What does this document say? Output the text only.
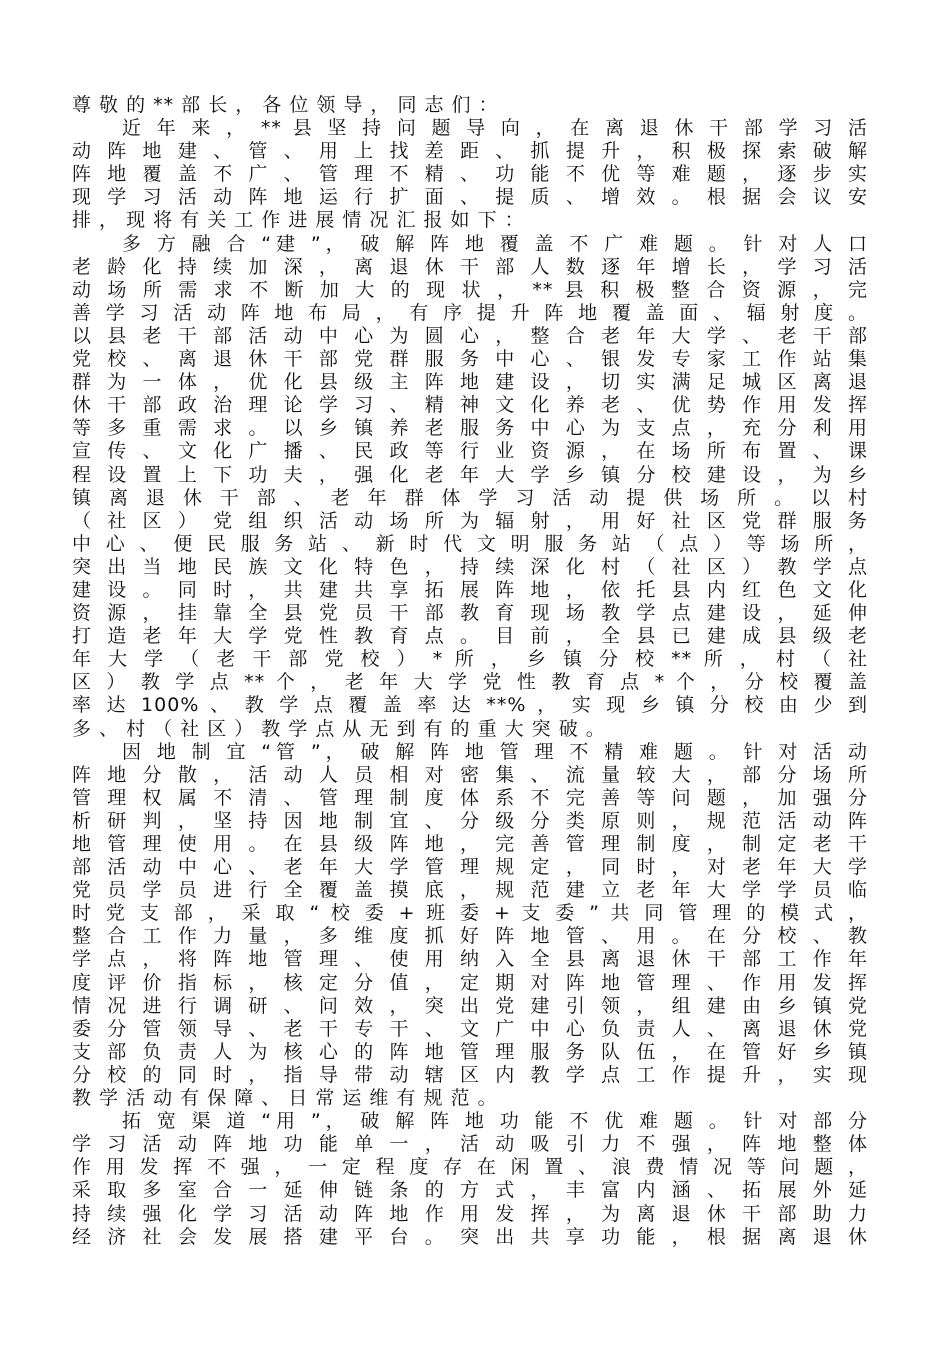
尊 敬 的 ** 部 长 ， 各 位 领 导 ， 同 志 们 ：
近 年 来 ， ** 县 坚 持 问 题 导 向 ， 在 离 退 休 干 部 学 习 活
动 阵 地 建 、 管 、 用 上 找 差 距 、 抓 提 升 ， 积 极 探 索 破 解
阵 地 覆 盖 不 广 、 管 理 不 精 、 功 能 不 优 等 难 题 ， 逐 步 实
现 学 习 活 动 阵 地 运 行 扩 面 、 提 质 、 增 效 。 根 据 会 议 安
排 ， 现 将 有 关 工 作 进 展 情 况 汇 报 如 下 ：
多 方 融 合 “建 ”， 破 解 阵 地 覆 盖 不 广 难 题 。 针 对 人 口
老 龄 化 持 续 加 深 ， 离 退 休 干 部 人 数 逐 年 增 长 ， 学 习 活
动 场 所 需 求 不 断 加 大 的 现 状 ， ** 县 积 极 整 合 资 源 ， 完
善 学 习 活 动 阵 地 布 局 ， 有 序 提 升 阵 地 覆 盖 面 、 辐 射 度 。
以 县 老 干 部 活 动 中 心 为 圆 心 ， 整 合 老 年 大 学 、 老 干 部
党 校 、 离 退 休 干 部 党 群 服 务 中 心 、 银 发 专 家 工 作 站 集
群 为 一 体 ， 优 化 县 级 主 阵 地 建 设 ， 切 实 满 足 城 区 离 退
休 干 部 政 治 理 论 学 习 、 精 神 文 化 养 老 、 优 势 作 用 发 挥
等 多 重 需 求 。 以 乡 镇 养 老 服 务 中 心 为 支 点 ， 充 分 利 用
宣 传 、 文 化 广 播 、 民 政 等 行 业 资 源 ， 在 场 所 布 置 、 课
程 设 置 上 下 功 夫 ， 强 化 老 年 大 学 乡 镇 分 校 建 设 ， 为 乡
镇 离 退 休 干 部 、 老 年 群 体 学 习 活 动 提 供 场 所 。 以 村
（ 社 区 ） 党 组 织 活 动 场 所 为 辐 射 ， 用 好 社 区 党 群 服 务
中 心 、 便 民 服 务 站 、 新 时 代 文 明 服 务 站 （ 点 ） 等 场 所 ，
突 出 当 地 民 族 文 化 特 色 ， 持 续 深 化 村 （ 社 区 ） 教 学 点
建 设 。 同 时 ， 共 建 共 享 拓 展 阵 地 ， 依 托 县 内 红 色 文 化
资 源 ， 挂 靠 全 县 党 员 干 部 教 育 现 场 教 学 点 建 设 ， 延 伸
打 造 老 年 大 学 党 性 教 育 点 。 目 前 ， 全 县 已 建 成 县 级 老
年 大 学 （ 老 干 部 党 校 ） * 所 ， 乡 镇 分 校 ** 所 ， 村 （ 社
区 ） 教 学 点 ** 个 ， 老 年 大 学 党 性 教 育 点 * 个 ， 分 校 覆 盖
率 达 100% 、 教 学 点 覆 盖 率 达 **% ， 实 现 乡 镇 分 校 由 少 到
多 、 村 （ 社 区 ） 教 学 点 从 无 到 有 的 重 大 突 破 。
因 地 制 宜 “管 ”， 破 解 阵 地 管 理 不 精 难 题 。 针 对 活 动
阵 地 分 散 ， 活 动 人 员 相 对 密 集 、 流 量 较 大 ， 部 分 场 所
管 理 权 属 不 清 、 管 理 制 度 体 系 不 完 善 等 问 题 ， 加 强 分
析 研 判 ， 坚 持 因 地 制 宜 、 分 级 分 类 原 则 ， 规 范 活 动 阵
地 管 理 使 用 。 在 县 级 阵 地 ， 完 善 管 理 制 度 ， 制 定 老 干
部 活 动 中 心 、 老 年 大 学 管 理 规 定 ， 同 时 ， 对 老 年 大 学
党 员 学 员 进 行 全 覆 盖 摸 底 ， 规 范 建 立 老 年 大 学 学 员 临
时 党 支 部 ， 采 取 “ 校 委 + 班 委 + 支 委 ” 共 同 管 理 的 模 式 ，
整 合 工 作 力 量 ， 多 维 度 抓 好 阵 地 管 、 用 。 在 分 校 、 教
学 点 ， 将 阵 地 管 理 、 使 用 纳 入 全 县 离 退 休 干 部 工 作 年
度 评 价 指 标 ， 核 定 分 值 ， 定 期 对 阵 地 管 理 、 作 用 发 挥
情 况 进 行 调 研 、 问 效 ， 突 出 党 建 引 领 ， 组 建 由 乡 镇 党
委 分 管 领 导 、 老 干 专 干 、 文 广 中 心 负 责 人 、 离 退 休 党
支 部 负 责 人 为 核 心 的 阵 地 管 理 服 务 队 伍 ， 在 管 好 乡 镇
分 校 的 同 时 ， 指 导 带 动 辖 区 内 教 学 点 工 作 提 升 ， 实 现
教 学 活 动 有 保 障 、 日 常 运 维 有 规 范 。
拓 宽 渠 道 “用 ”， 破 解 阵 地 功 能 不 优 难 题 。 针 对 部 分
学 习 活 动 阵 地 功 能 单 一 ， 活 动 吸 引 力 不 强 ， 阵 地 整 体
作 用 发 挥 不 强 ， 一 定 程 度 存 在 闲 置 、 浪 费 情 况 等 问 题 ，
采 取 多 室 合 一 延 伸 链 条 的 方 式 ， 丰 富 内 涵 、 拓 展 外 延
持 续 强 化 学 习 活 动 阵 地 作 用 发 挥 ， 为 离 退 休 干 部 助 力
经 济 社 会 发 展 搭 建 平 台 。 突 出 共 享 功 能 ， 根 据 离 退 休
